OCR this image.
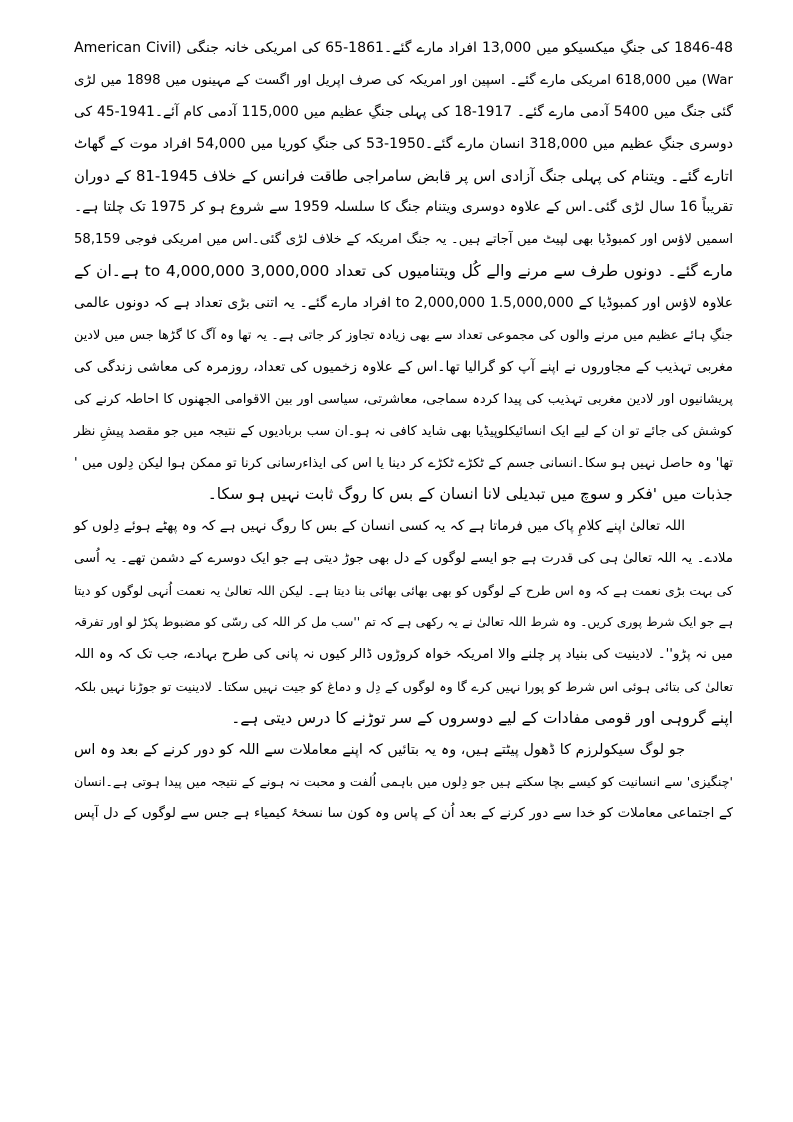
1846-48 کی جنگِ میکسیکو میں 13,000 افراد مارے گئے۔1861-65 کی امریکی خانہ جنگی (American Civil
War) میں 618,000 امریکی مارے گئے۔ اسپین اور امریکہ کی صرف اپریل اور اگست کے مہینوں میں 1898 میں لڑی
گئی جنگ میں 5400 آدمی مارے گئے۔ 1917-18 کی پہلی جنگِ عظیم میں 115,000 آدمی کام آئے۔1941-45 کی
دوسری جنگِ عظیم میں 318,000 انسان مارے گئے۔1950-53 کی جنگِ کوریا میں 54,000 افراد موت کے گھاٹ
اتارے گئے۔ ویتنام کی پہلی جنگ آزادی اس پر قابض سامراجی طاقت فرانس کے خلاف 1945-81 کے دوران
تقریباً 16 سال لڑی گئی۔اس کے علاوہ دوسری ویتنام جنگ کا سلسلہ 1959 سے شروع ہو کر 1975 تک چلتا ہے۔
اسمیں لاؤس اور کمبوڈیا بھی لپیٹ میں آجاتے ہیں۔ یہ جنگ امریکہ کے خلاف لڑی گئی۔اس میں امریکی فوجی 58,159
مارے گئے۔ دونوں طرف سے مرنے والے کُل ویتنامیوں کی تعداد 3,000,000 to 4,000,000 ہے۔ان کے
علاوہ لاؤس اور کمبوڈیا کے 1.5,000,000 to 2,000,000 افراد مارے گئے۔ یہ اتنی بڑی تعداد ہے کہ دونوں عالمی
جنگِ ہائے عظیم میں مرنے والوں کی مجموعی تعداد سے بھی زیادہ تجاوز کر جاتی ہے۔ یہ تھا وہ آگ کا گڑھا جس میں لادین
مغربی تہذیب کے مجاوروں نے اپنے آپ کو گرالیا تھا۔اس کے علاوہ زخمیوں کی تعداد، روزمرہ کی معاشی زندگی کی
پریشانیوں اور لادین مغربی تہذیب کی پیدا کردہ سماجی، معاشرتی، سیاسی اور بین الاقوامی الجھنوں کا احاطہ کرنے کی
کوشش کی جائے تو ان کے لیے ایک انسائیکلوپیڈیا بھی شاید کافی نہ ہو۔ان سب بربادیوں کے نتیجہ میں جو مقصد پیشِ نظر
تھا' وہ حاصل نہیں ہو سکا۔انسانی جسم کے ٹکڑے ٹکڑے کر دینا یا اس کی ایذاءرسانی کرنا تو ممکن ہوا لیکن دِلوں میں '
جذبات میں 'فکر و سوچ میں تبدیلی لانا انسان کے بس کا روگ ثابت نہیں ہو سکا۔
اللہ تعالیٰ اپنے کلامِ پاک میں فرماتا ہے کہ یہ کسی انسان کے بس کا روگ نہیں ہے کہ وہ پھٹے ہوئے دِلوں کو
ملادے۔ یہ اللہ تعالیٰ ہی کی قدرت ہے جو ایسے لوگوں کے دل بھی جوڑ دیتی ہے جو ایک دوسرے کے دشمن تھے۔ یہ اُسی
کی بہت بڑی نعمت ہے کہ وہ اس طرح کے لوگوں کو بھی بھائی بھائی بنا دیتا ہے۔ لیکن اللہ تعالیٰ یہ نعمت اُنہی لوگوں کو دیتا
ہے جو ایک شرط پوری کریں۔ وہ شرط اللہ تعالیٰ نے یہ رکھی ہے کہ تم ''سب مل کر اللہ کی رسّی کو مضبوط پکڑ لو اور تفرقہ
میں نہ پڑو''۔ لادینیت کی بنیاد پر چلنے والا امریکہ خواہ کروڑوں ڈالر کیوں نہ پانی کی طرح بہادے، جب تک کہ وہ اللہ
تعالیٰ کی بتائی ہوئی اس شرط کو پورا نہیں کرے گا وہ لوگوں کے دِل و دماغ کو جیت نہیں سکتا۔ لادینیت تو جوڑنا نہیں بلکہ
اپنے گروہی اور قومی مفادات کے لیے دوسروں کے سر توڑنے کا درس دیتی ہے۔
جو لوگ سیکولرزم کا ڈھول پیٹتے ہیں، وہ یہ بتائیں کہ اپنے معاملات سے اللہ کو دور کرنے کے بعد وہ اس
'چنگیزی' سے انسانیت کو کیسے بچا سکتے ہیں جو دِلوں میں باہمی اُلفت و محبت نہ ہونے کے نتیجہ میں پیدا ہوتی ہے۔انسان
کے اجتماعی معاملات کو خدا سے دور کرنے کے بعد اُن کے پاس وہ کون سا نسخۂ کیمیاء ہے جس سے لوگوں کے دل آپس
